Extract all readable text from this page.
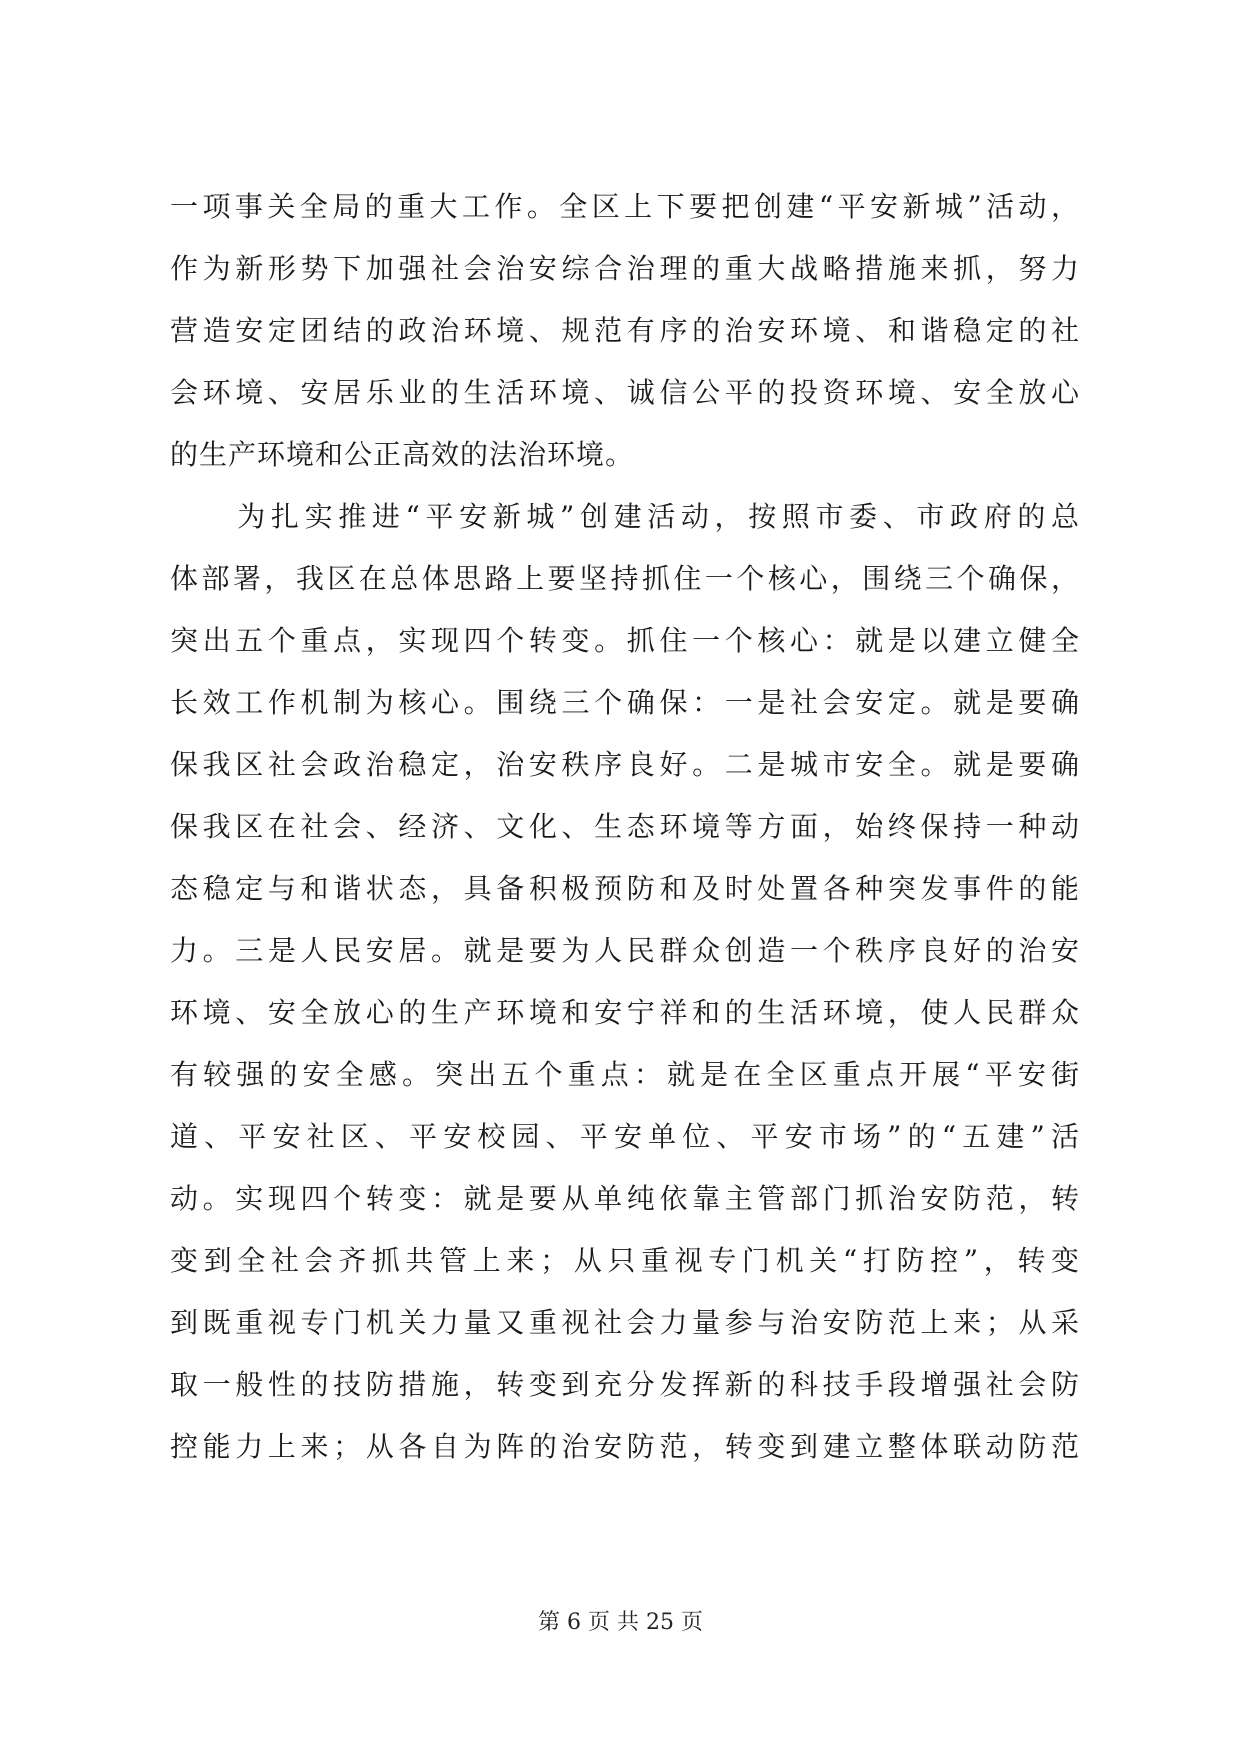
一项事关全局的重大工作。全区上下要把创建“平安新城”活动，
作为新形势下加强社会治安综合治理的重大战略措施来抓，努力
营造安定团结的政治环境、规范有序的治安环境、和谐稳定的社
会环境、安居乐业的生活环境、诚信公平的投资环境、安全放心
的生产环境和公正高效的法治环境。
　　为扎实推进“平安新城”创建活动，按照市委、市政府的总
体部署，我区在总体思路上要坚持抓住一个核心，围绕三个确保，
突出五个重点，实现四个转变。抓住一个核心：就是以建立健全
长效工作机制为核心。围绕三个确保：一是社会安定。就是要确
保我区社会政治稳定，治安秩序良好。二是城市安全。就是要确
保我区在社会、经济、文化、生态环境等方面，始终保持一种动
态稳定与和谐状态，具备积极预防和及时处置各种突发事件的能
力。三是人民安居。就是要为人民群众创造一个秩序良好的治安
环境、安全放心的生产环境和安宁祥和的生活环境，使人民群众
有较强的安全感。突出五个重点：就是在全区重点开展“平安街
道、平安社区、平安校园、平安单位、平安市场”的“五建”活
动。实现四个转变：就是要从单纯依靠主管部门抓治安防范，转
变到全社会齐抓共管上来；从只重视专门机关“打防控”，转变
到既重视专门机关力量又重视社会力量参与治安防范上来；从采
取一般性的技防措施，转变到充分发挥新的科技手段增强社会防
控能力上来；从各自为阵的治安防范，转变到建立整体联动防范
第 6 页 共 25 页
